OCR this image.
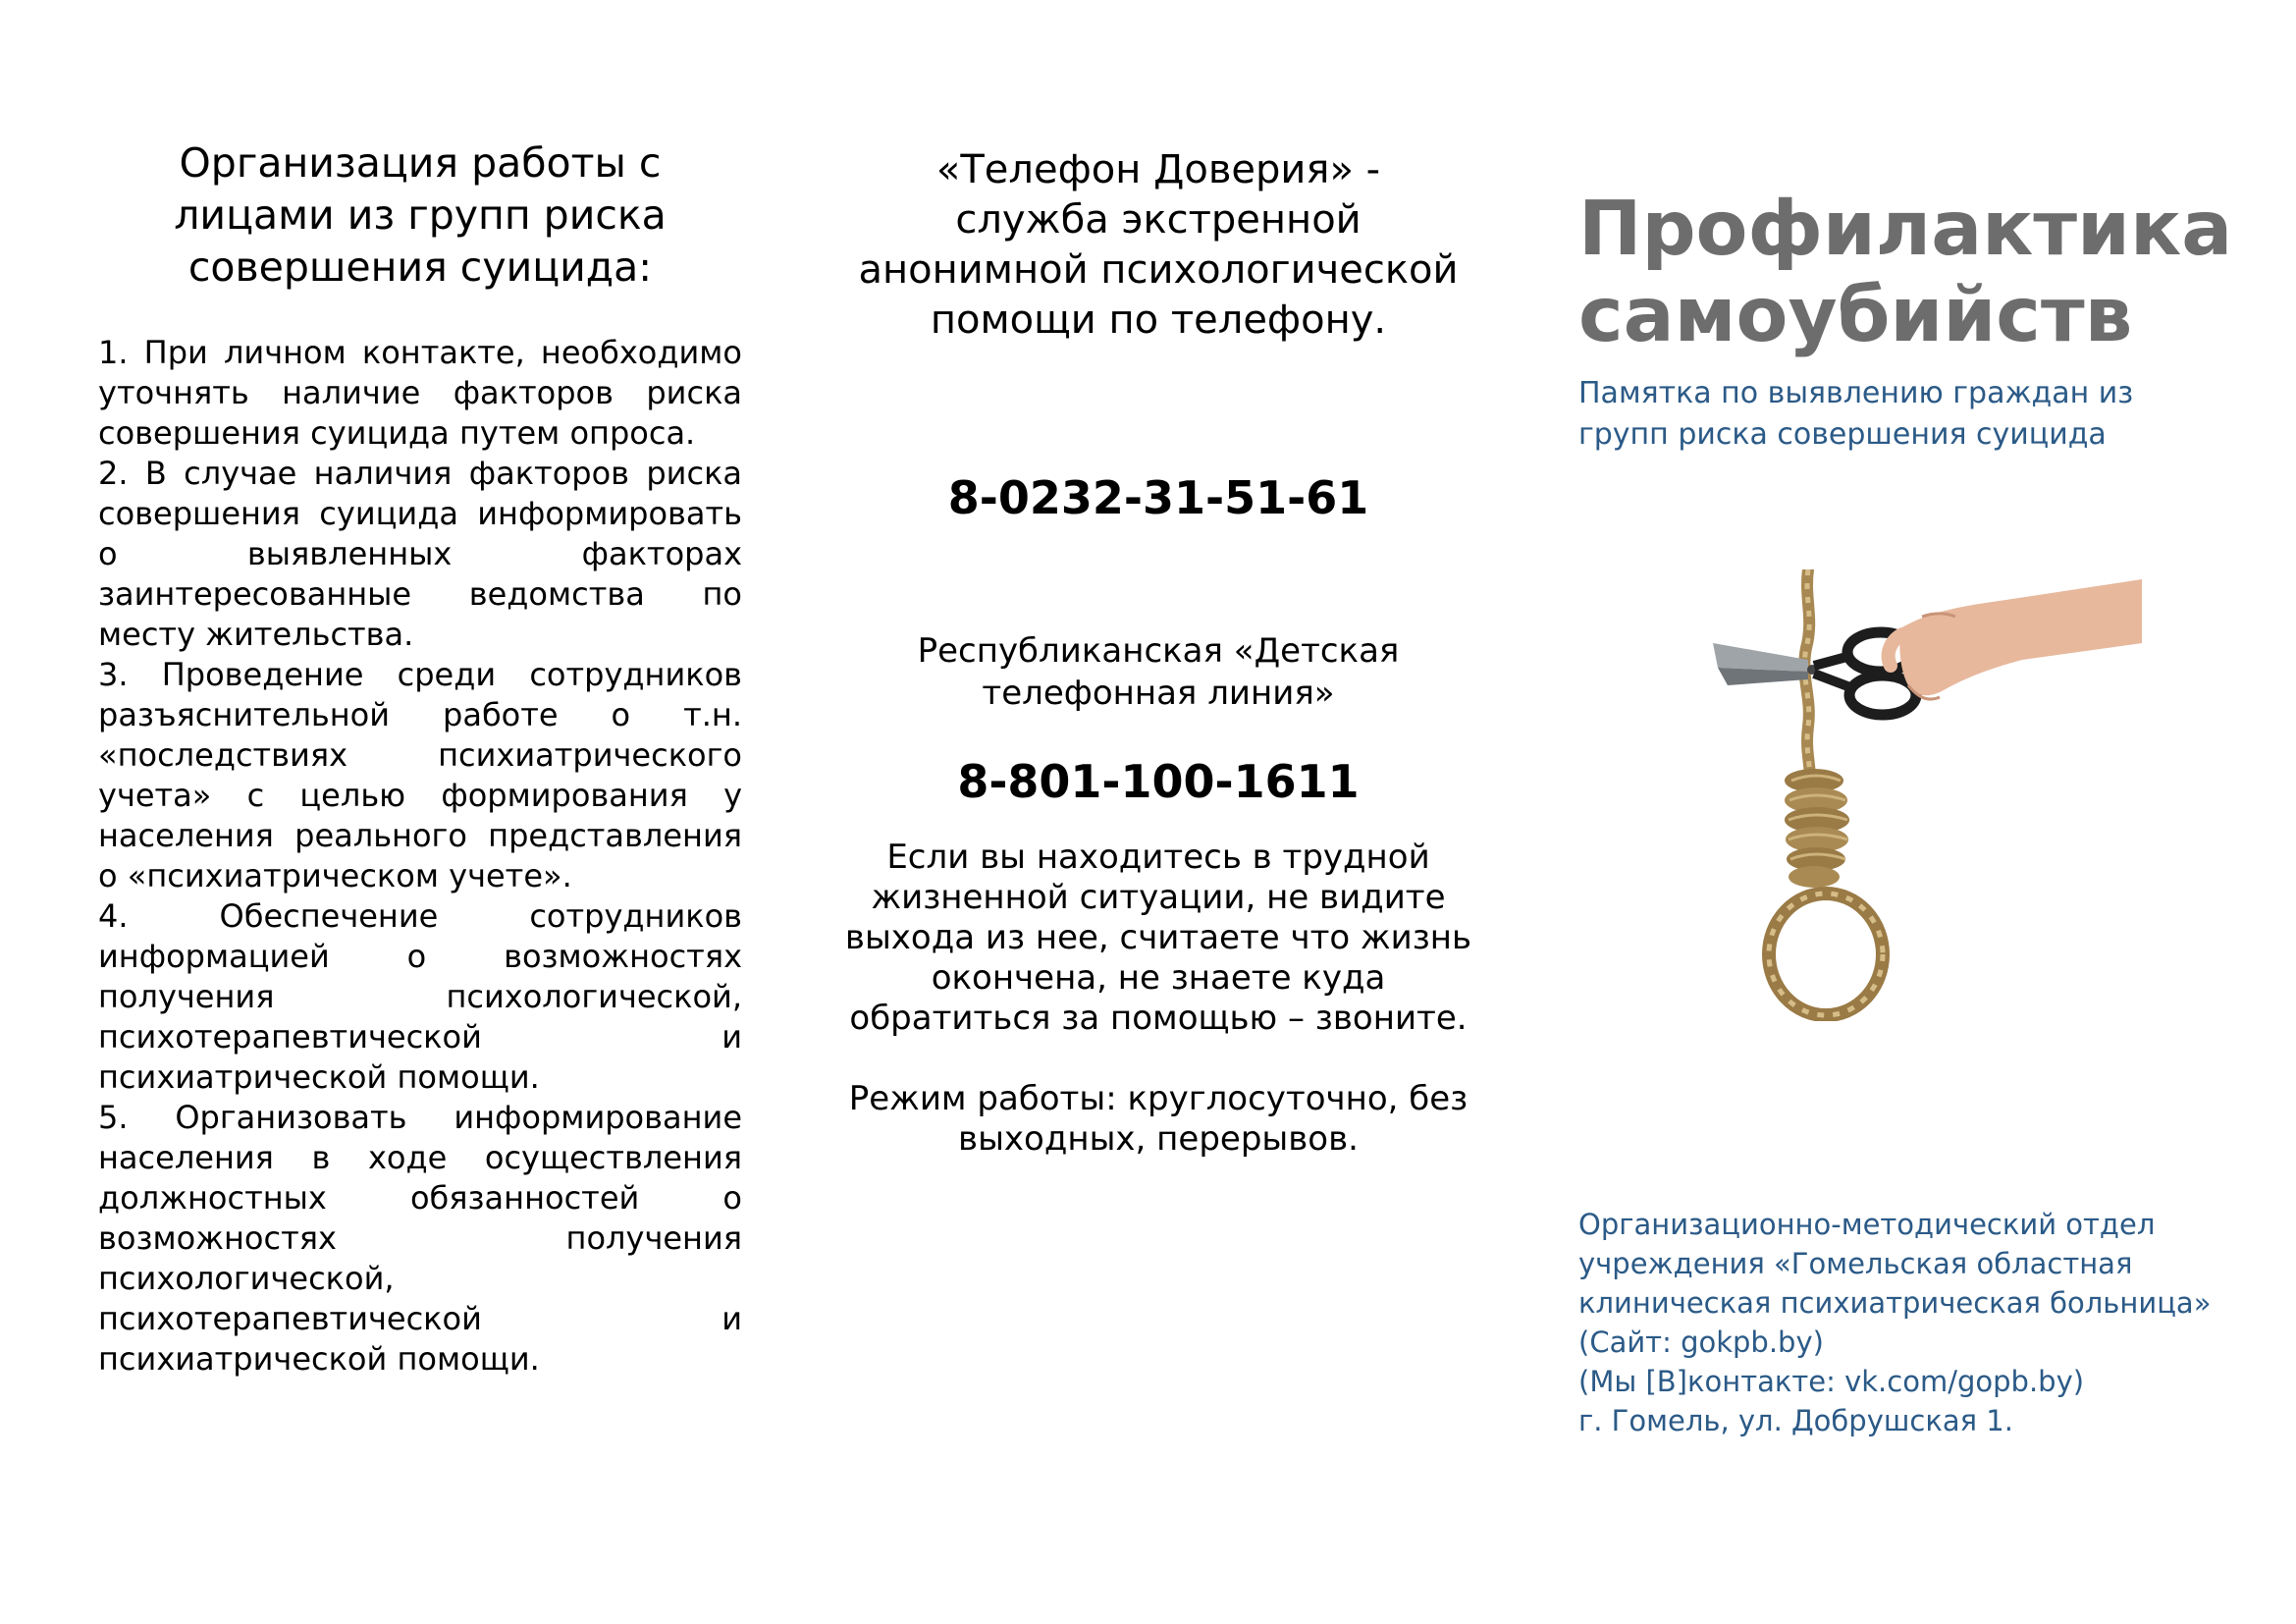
Организация работы с лицами из групп риска совершения суицида:

1. При личном контакте, необходимо уточнять наличие факторов риска совершения суицида путем опроса.

2. В случае наличия факторов риска совершения суицида информировать о выявленных факторах заинтересованные ведомства по месту жительства.

3. Проведение среди сотрудников разъяснительной работе о т.н. «последствиях психиатрического учета» с целью формирования у населения реального представления о «психиатрическом учете».

4. Обеспечение сотрудников информацией о возможностях получения психологической, психотерапевтической и психиатрической помощи.

5. Организовать информирование населения в ходе осуществления должностных обязанностей о возможностях получения психологической, психотерапевтической и психиатрической помощи.

«Телефон Доверия» - служба экстренной анонимной психологической помощи по телефону.

8-0232-31-51-61

Республиканская «Детская телефонная линия»

8-801-100-1611

Если вы находитесь в трудной жизненной ситуации, не видите выхода из нее, считаете что жизнь окончена, не знаете куда обратиться за помощью – звоните.

Режим работы: круглосуточно, без выходных, перерывов.

Профилактика самоубийств

Памятка по выявлению граждан из групп риска совершения суицида

Организационно-методический отдел учреждения «Гомельская областная клиническая психиатрическая больница»

(Сайт: gokpb.by)

(Мы [В]контакте: vk.com/gopb.by)

г. Гомель, ул. Добрушская 1.
